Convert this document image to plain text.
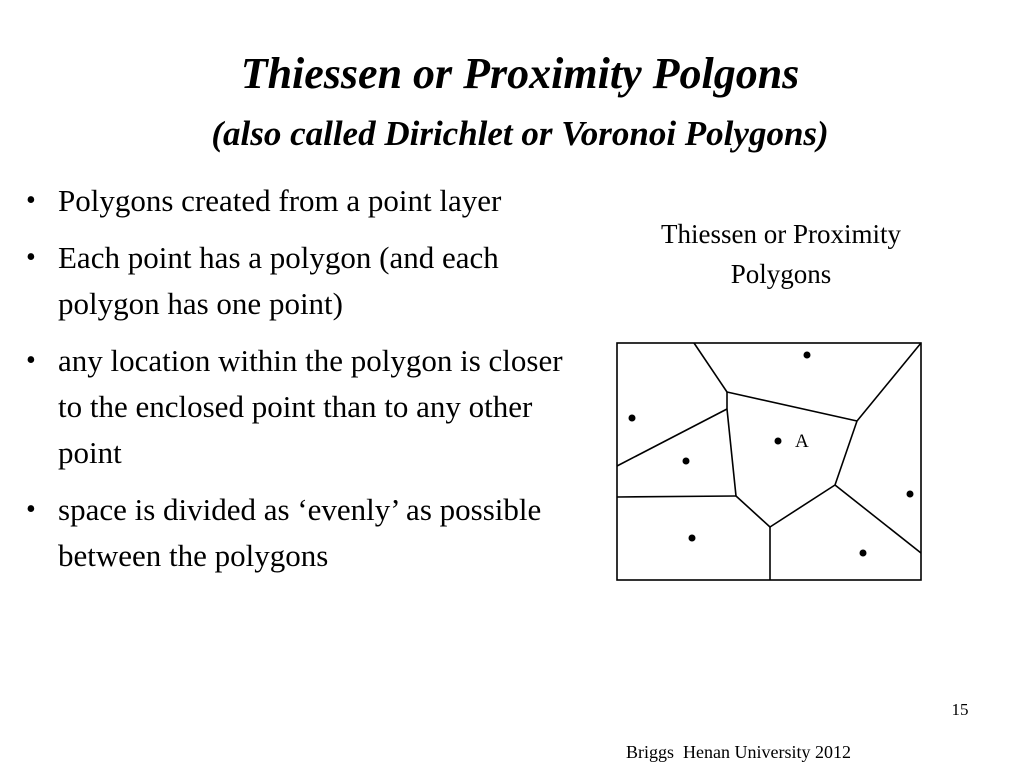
Thiessen or Proximity Polgons
(also called Dirichlet or Voronoi Polygons)
• Polygons created from a point layer
• Each point has a polygon (and each polygon has one point)
• any location within the polygon is closer to the enclosed point than to any other point
• space is divided as ‘evenly’ as possible between the polygons
Thiessen or Proximity Polygons
A
15
Briggs  Henan University 2012
